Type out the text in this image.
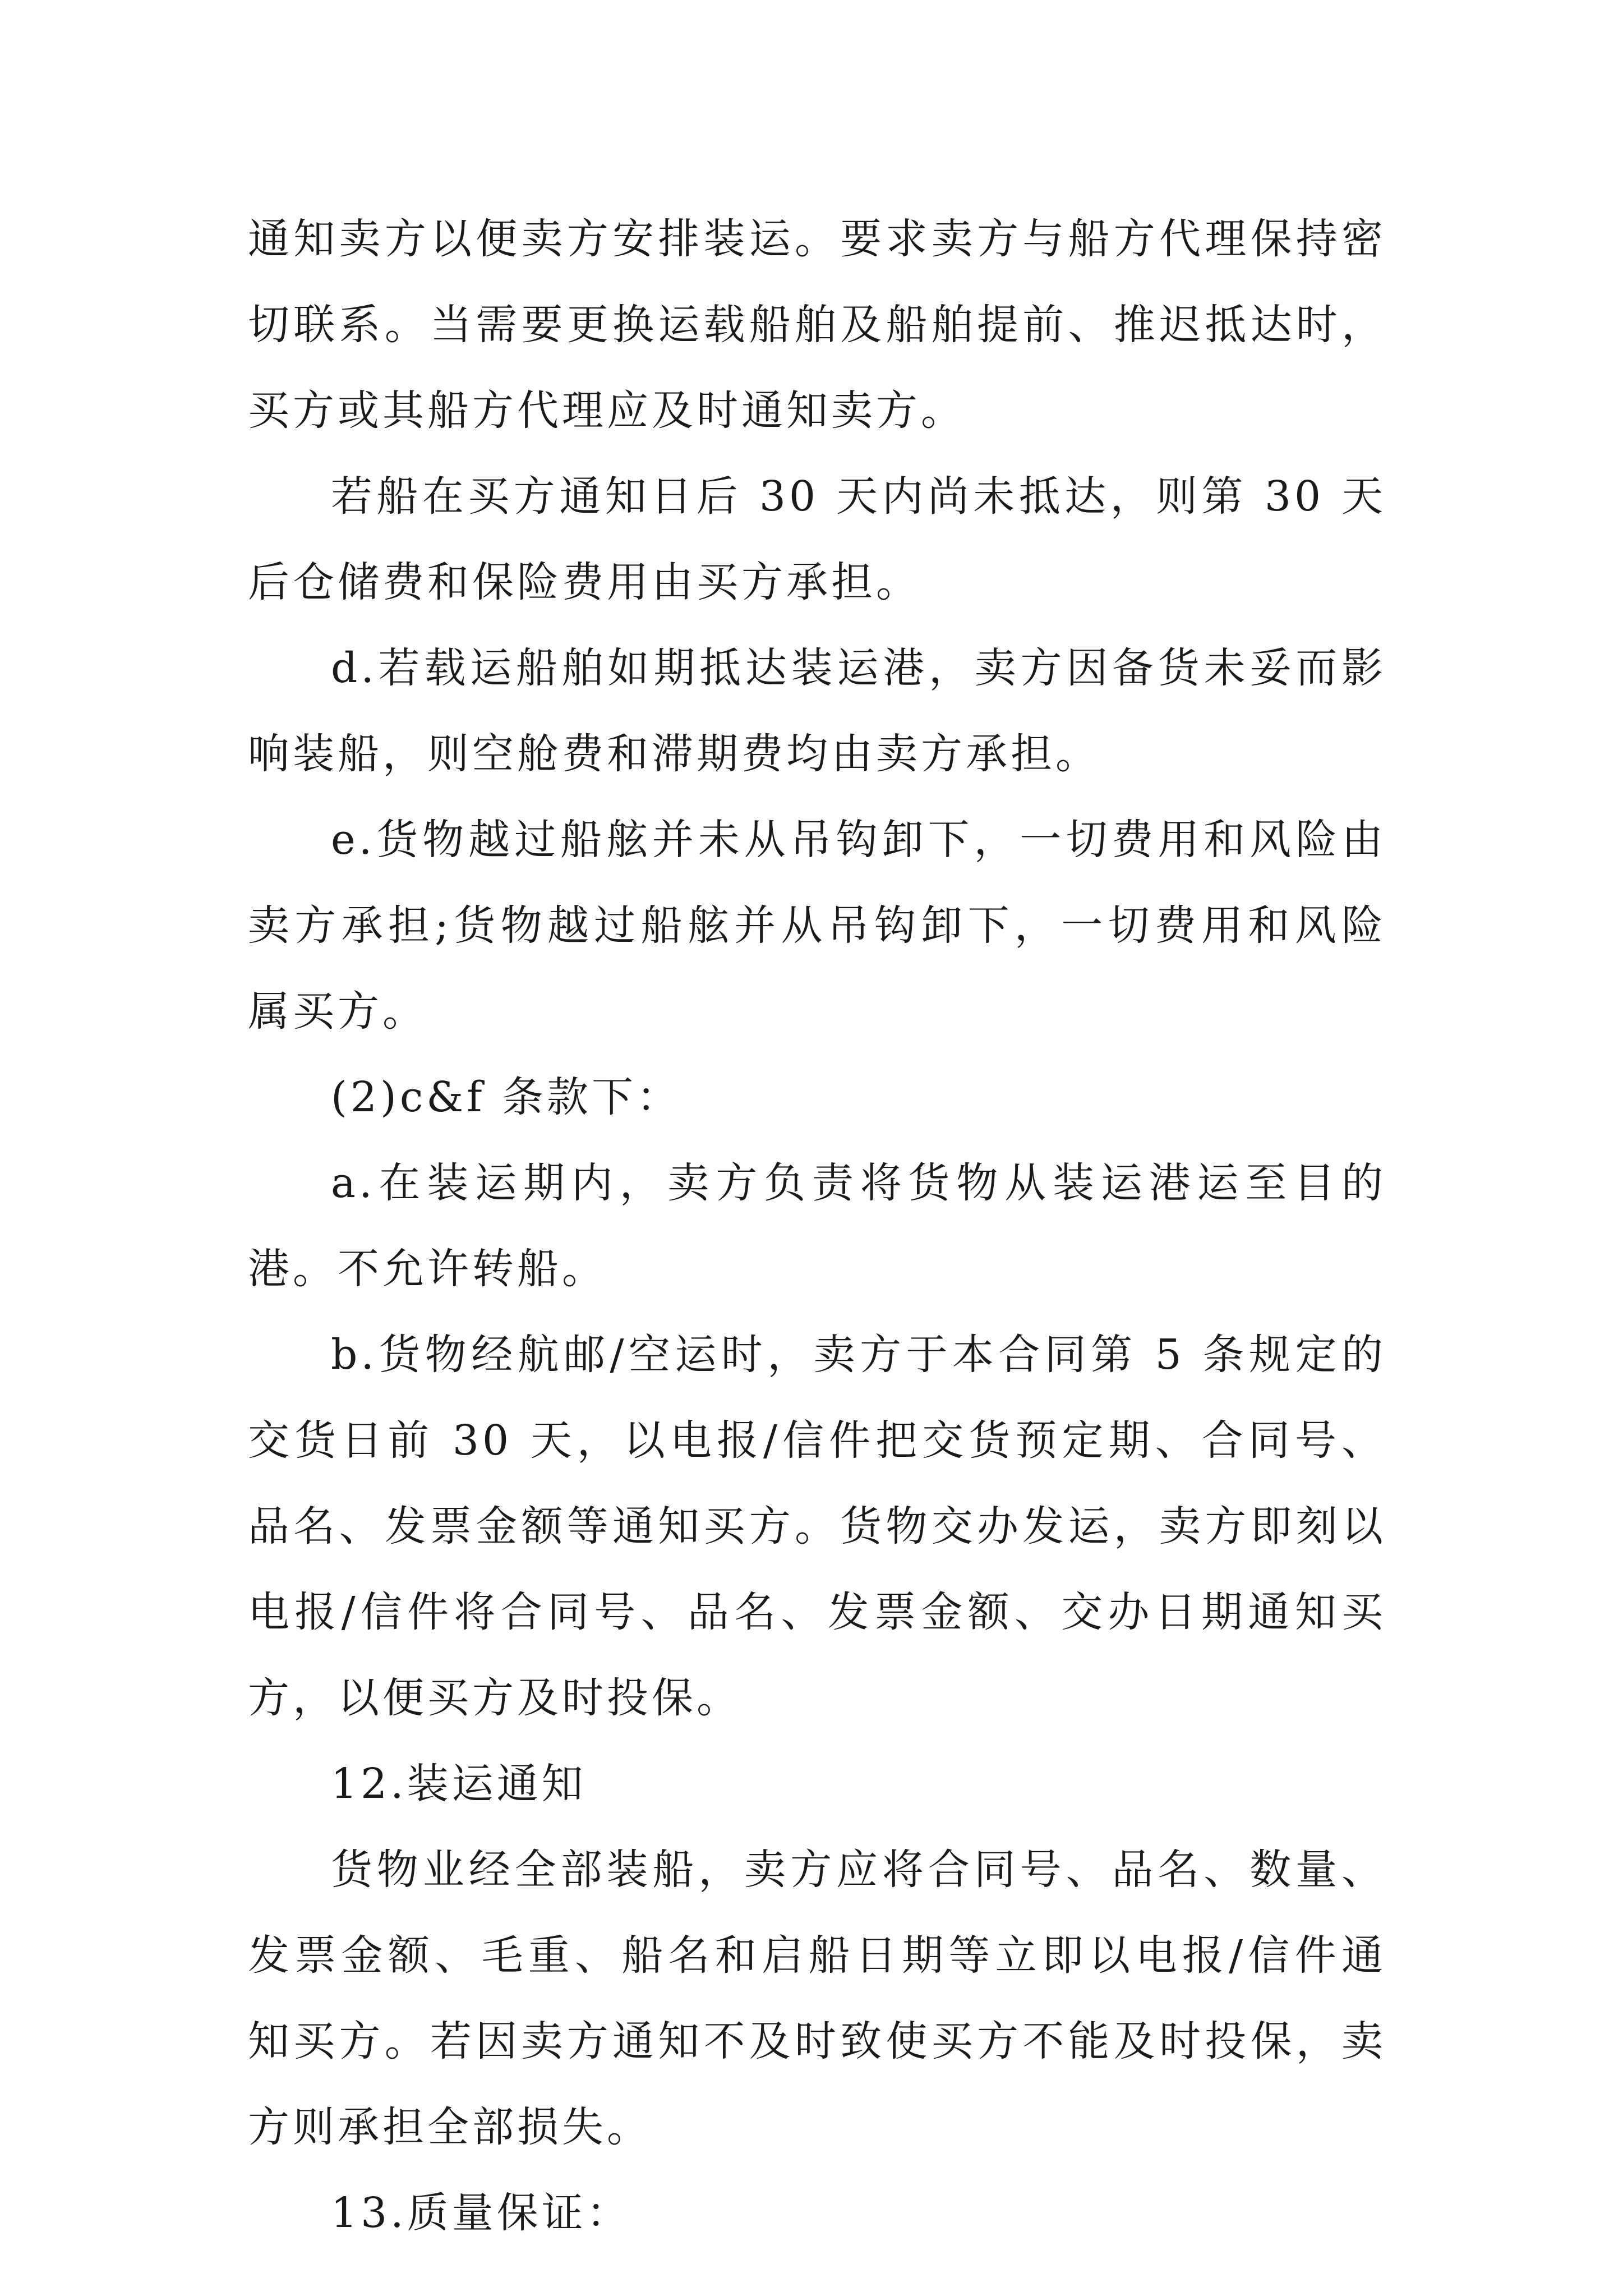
通知卖方以便卖方安排装运。要求卖方与船方代理保持密切联系。当需要更换运载船舶及船舶提前、推迟抵达时，买方或其船方代理应及时通知卖方。

若船在买方通知日后 30 天内尚未抵达，则第 30 天后仓储费和保险费用由买方承担。

d.若载运船舶如期抵达装运港，卖方因备货未妥而影响装船，则空舱费和滞期费均由卖方承担。

e.货物越过船舷并未从吊钩卸下，一切费用和风险由卖方承担;货物越过船舷并从吊钩卸下，一切费用和风险属买方。

(2)c&f 条款下：

a.在装运期内，卖方负责将货物从装运港运至目的港。不允许转船。

b.货物经航邮/空运时，卖方于本合同第 5 条规定的交货日前 30 天，以电报/信件把交货预定期、合同号、品名、发票金额等通知买方。货物交办发运，卖方即刻以电报/信件将合同号、品名、发票金额、交办日期通知买方，以便买方及时投保。

12.装运通知

货物业经全部装船，卖方应将合同号、品名、数量、发票金额、毛重、船名和启船日期等立即以电报/信件通知买方。若因卖方通知不及时致使买方不能及时投保，卖方则承担全部损失。

13.质量保证：
